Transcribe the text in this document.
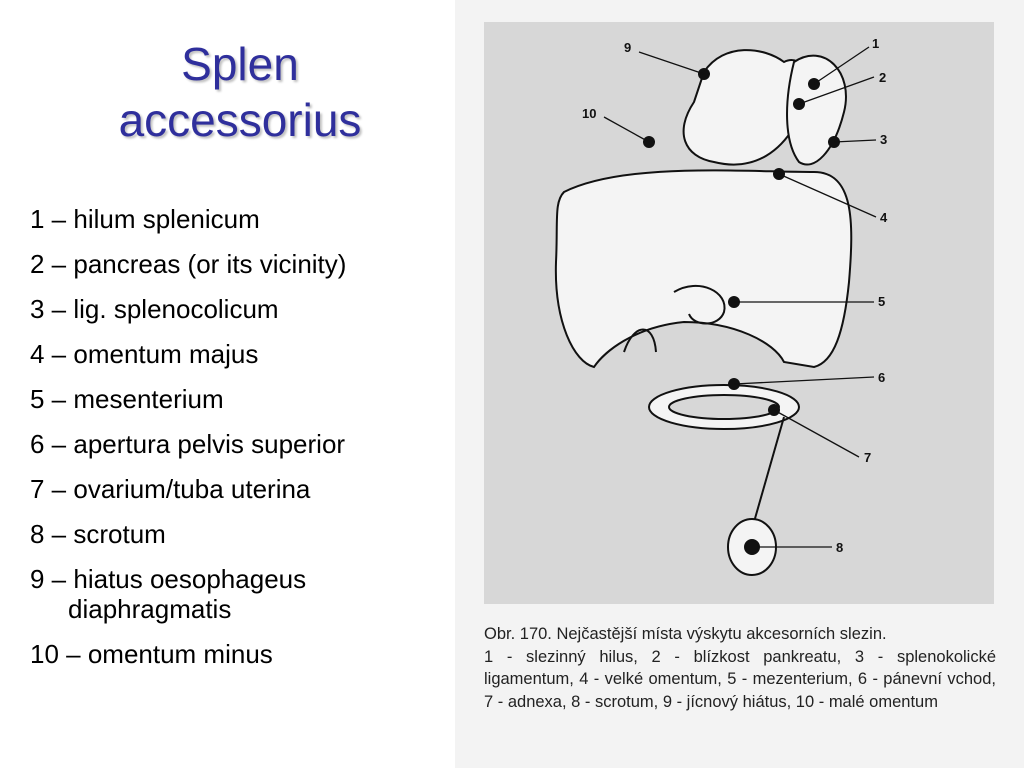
Splen
accessorius
1 – hilum splenicum
2 – pancreas (or its vicinity)
3 – lig. splenocolicum
4 – omentum majus
5 – mesenterium
6 – apertura pelvis superior
7 – ovarium/tuba uterina
8 – scrotum
9 – hiatus oesophageus diaphragmatis
10 – omentum minus
1
2
3
4
5
6
7
8
9
10

Obr. 170. Nejčastější místa výskytu akcesorních slezin.

1 - slezinný hilus, 2 - blízkost pankreatu, 3 - splenokolické ligamentum, 4 - velké omentum, 5 - mezenterium, 6 - pánevní vchod, 7 - adnexa, 8 - scrotum, 9 - jícnový hiátus, 10 - malé omentum
